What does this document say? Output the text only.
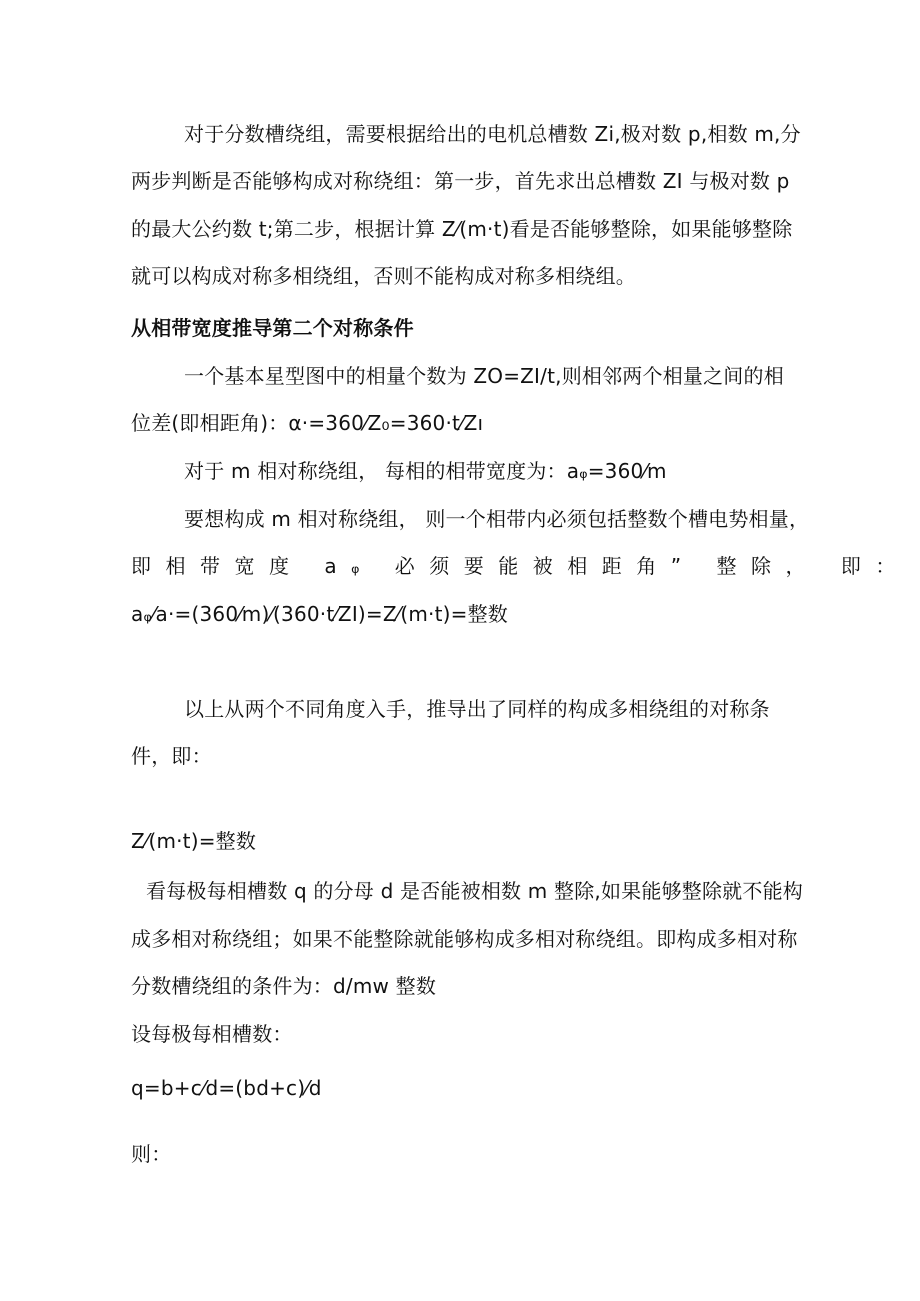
对于分数槽绕组，需要根据给出的电机总槽数 Zi,极对数 p,相数 m,分
两步判断是否能够构成对称绕组：第一步，首先求出总槽数 ZI 与极对数 p
的最大公约数 t;第二步，根据计算 Z⁄(m·t)看是否能够整除，如果能够整除
就可以构成对称多相绕组，否则不能构成对称多相绕组。
从相带宽度推导第二个对称条件
一个基本星型图中的相量个数为 ZO=ZI/t,则相邻两个相量之间的相
位差(即相距角)：α·=360⁄Z₀=360·t⁄Zı
对于 m 相对称绕组， 每相的相带宽度为：aᵩ=360⁄m
要想构成 m 相对称绕组， 则一个相带内必须包括整数个槽电势相量，
即相带宽度 aᵩ 必须要能被相距角” 整除， 即：
aᵩ⁄a·=(360⁄m)⁄(360·t⁄ZI)=Z⁄(m·t)=整数
以上从两个不同角度入手，推导出了同样的构成多相绕组的对称条
件，即：
Z⁄(m·t)=整数
看每极每相槽数 q 的分母 d 是否能被相数 m 整除,如果能够整除就不能构
成多相对称绕组；如果不能整除就能够构成多相对称绕组。即构成多相对称
分数槽绕组的条件为：d/mw 整数
设每极每相槽数：
q=b+c⁄d=(bd+c)⁄d
则：
